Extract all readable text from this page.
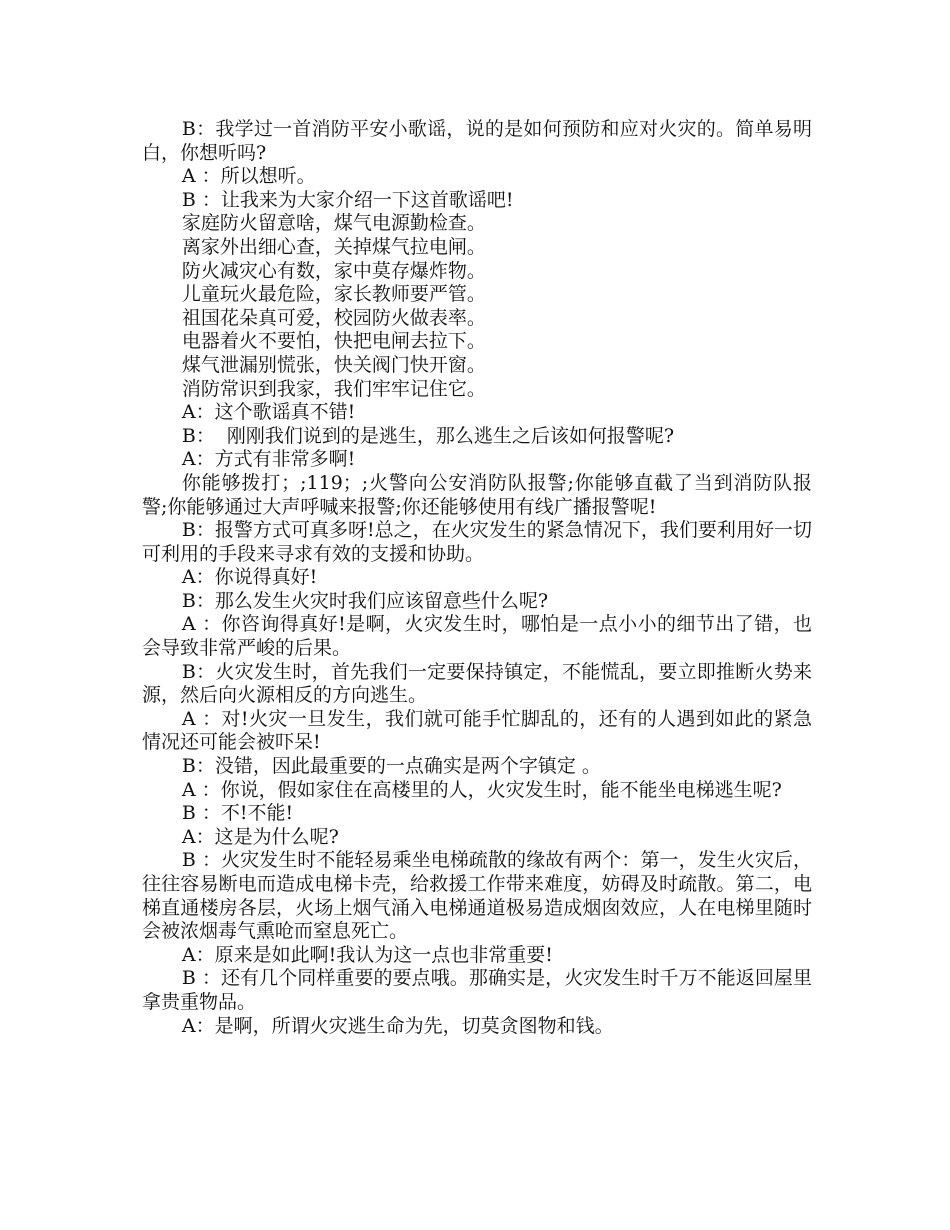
B：我学过一首消防平安小歌谣，说的是如何预防和应对火灾的。简单易明白，你想听吗?

A ：所以想听。

B ：让我来为大家介绍一下这首歌谣吧!

家庭防火留意啥，煤气电源勤检查。

离家外出细心查，关掉煤气拉电闸。

防火减灾心有数，家中莫存爆炸物。

儿童玩火最危险，家长教师要严管。

祖国花朵真可爱，校园防火做表率。

电器着火不要怕，快把电闸去拉下。

煤气泄漏别慌张，快关阀门快开窗。

消防常识到我家，我们牢牢记住它。

A：这个歌谣真不错!

B：  刚刚我们说到的是逃生，那么逃生之后该如何报警呢?

A：方式有非常多啊!

你能够拨打；;119；;火警向公安消防队报警;你能够直截了当到消防队报警;你能够通过大声呼喊来报警;你还能够使用有线广播报警呢!

B：报警方式可真多呀!总之，在火灾发生的紧急情况下，我们要利用好一切可利用的手段来寻求有效的支援和协助。

A：你说得真好!

B：那么发生火灾时我们应该留意些什么呢?

A ：你咨询得真好!是啊，火灾发生时，哪怕是一点小小的细节出了错，也会导致非常严峻的后果。

B：火灾发生时，首先我们一定要保持镇定，不能慌乱，要立即推断火势来源，然后向火源相反的方向逃生。

A ：对!火灾一旦发生，我们就可能手忙脚乱的，还有的人遇到如此的紧急情况还可能会被吓呆!

B：没错，因此最重要的一点确实是两个字镇定 。

A ：你说，假如家住在高楼里的人，火灾发生时，能不能坐电梯逃生呢?

B ：不!不能!

A：这是为什么呢?

B ：火灾发生时不能轻易乘坐电梯疏散的缘故有两个：第一，发生火灾后，往往容易断电而造成电梯卡壳，给救援工作带来难度，妨碍及时疏散。第二，电梯直通楼房各层，火场上烟气涌入电梯通道极易造成烟囱效应，人在电梯里随时会被浓烟毒气熏呛而窒息死亡。

A：原来是如此啊!我认为这一点也非常重要!

B ：还有几个同样重要的要点哦。那确实是，火灾发生时千万不能返回屋里拿贵重物品。

A：是啊，所谓火灾逃生命为先，切莫贪图物和钱。
